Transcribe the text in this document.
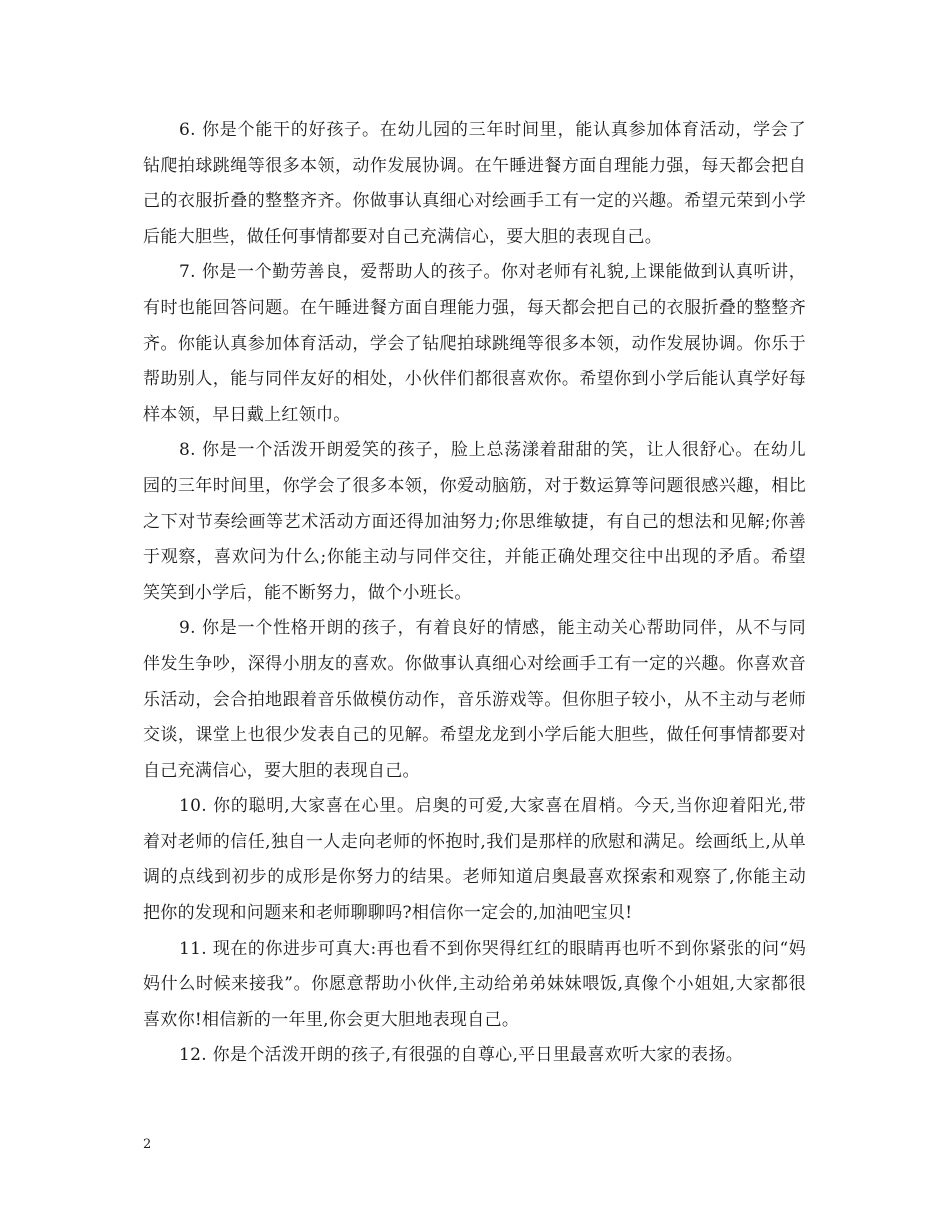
6. 你是个能干的好孩子。在幼儿园的三年时间里，能认真参加体育活动，学会了钻爬拍球跳绳等很多本领，动作发展协调。在午睡进餐方面自理能力强，每天都会把自己的衣服折叠的整整齐齐。你做事认真细心对绘画手工有一定的兴趣。希望元荣到小学后能大胆些，做任何事情都要对自己充满信心，要大胆的表现自己。

7. 你是一个勤劳善良，爱帮助人的孩子。你对老师有礼貌,上课能做到认真听讲，有时也能回答问题。在午睡进餐方面自理能力强，每天都会把自己的衣服折叠的整整齐齐。你能认真参加体育活动，学会了钻爬拍球跳绳等很多本领，动作发展协调。你乐于帮助别人，能与同伴友好的相处，小伙伴们都很喜欢你。希望你到小学后能认真学好每样本领，早日戴上红领巾。

8. 你是一个活泼开朗爱笑的孩子，脸上总荡漾着甜甜的笑，让人很舒心。在幼儿园的三年时间里，你学会了很多本领，你爱动脑筋，对于数运算等问题很感兴趣，相比之下对节奏绘画等艺术活动方面还得加油努力;你思维敏捷，有自己的想法和见解;你善于观察，喜欢问为什么;你能主动与同伴交往，并能正确处理交往中出现的矛盾。希望笑笑到小学后，能不断努力，做个小班长。

9. 你是一个性格开朗的孩子，有着良好的情感，能主动关心帮助同伴，从不与同伴发生争吵，深得小朋友的喜欢。你做事认真细心对绘画手工有一定的兴趣。你喜欢音乐活动，会合拍地跟着音乐做模仿动作，音乐游戏等。但你胆子较小，从不主动与老师交谈，课堂上也很少发表自己的见解。希望龙龙到小学后能大胆些，做任何事情都要对自己充满信心，要大胆的表现自己。

10. 你的聪明,大家喜在心里。启奥的可爱,大家喜在眉梢。今天,当你迎着阳光,带着对老师的信任,独自一人走向老师的怀抱时,我们是那样的欣慰和满足。绘画纸上,从单调的点线到初步的成形是你努力的结果。老师知道启奥最喜欢探索和观察了,你能主动把你的发现和问题来和老师聊聊吗?相信你一定会的,加油吧宝贝!

11. 现在的你进步可真大:再也看不到你哭得红红的眼睛再也听不到你紧张的问“妈妈什么时候来接我”。你愿意帮助小伙伴,主动给弟弟妹妹喂饭,真像个小姐姐,大家都很喜欢你!相信新的一年里,你会更大胆地表现自己。

12. 你是个活泼开朗的孩子,有很强的自尊心,平日里最喜欢听大家的表扬。

2
